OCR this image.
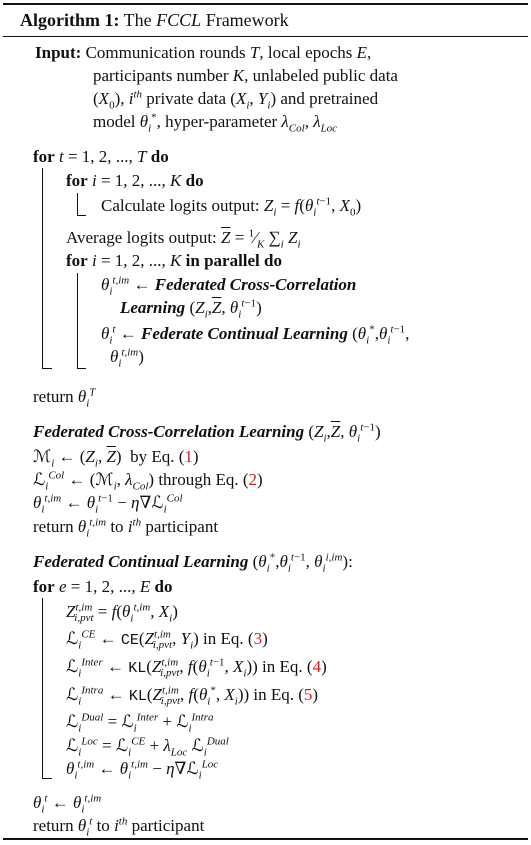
Algorithm 1: The FCCL Framework
Input: Communication rounds T, local epochs E,
participants number K, unlabeled public data
$(X_0)$, $i^{th}$ private data ($X_i$, $Y_i$) and pretrained
model $\theta_i^*$, hyper-parameter $\lambda_{Col}$, $\lambda_{Loc}$
for t = 1, 2, ..., T do
for i = 1, 2, ..., K do
Calculate logits output: $Z_i = f(\theta_i^{t-1}$, $X_0$)
Average logits output: $\overline{Z}$ = $^1⁄_K$ $\sum_i$ $Z_i$
for i = 1, 2, ..., K in parallel do
$\theta_i^{t,im}$ ← Federated Cross-Correlation
Learning ($Z_i,\overline{Z}$, $\theta_i^{t-1}$)
$\theta_i^t$ ← Federate Continual Learning ($\theta_i^*,\theta_i^{t-1}$,
$\theta_i^{t,im}$)
return $\theta_i^T$
Federated Cross-Correlation Learning ($Z_i,\overline{Z}$, $\theta_i^{t-1}$)
ℳ$_i$ ← ($Z_i$, $\overline{Z}$)  by Eq. (1)
ℒ$_i^{Col}$ ← (ℳ$_i$, $\lambda_{Col}$) through Eq. (2)
$\theta_i^{t,im}$ ← $\theta_i^{t-1}$ − η∇ℒ$_i^{Col}$
return $\theta_i^{t,im}$ to $i^{th}$ participant
Federated Continual Learning ($\theta_i^*,\theta_i^{t-1}$, $\theta_i^{i,im}$):
for e = 1, 2, ..., E do
$Z^{t,im}_{i,pvt} = f(\theta_i^{t,im}$, $X_i$)
ℒ$_i^{CE}$ ← $CE(Z^{t,im}_{i,pvt}$, $Y_i$) in Eq. (3)
ℒ$_i^{Inter}$ ← $KL(Z^{t,im}_{i,pvt}$, $f(\theta_i^{t-1}$, $X_i$)) in Eq. (4)
ℒ$_i^{Intra}$ ← $KL(Z^{t,im}_{i,pvt}$, $f(\theta_i^*$, $X_i$)) in Eq. (5)
ℒ$_i^{Dual}$ = ℒ$_i^{Inter}$ + ℒ$_i^{Intra}$
ℒ$_i^{Loc}$ = ℒ$_i^{CE}$ + $\lambda_{Loc}$ ℒ$_i^{Dual}$
$\theta_i^{t,im}$ ← $\theta_i^{t,im}$ − η∇ℒ$_i^{Loc}$
$\theta_i^t$ ← $\theta_i^{t,im}$
return $\theta_i^t$ to $i^{th}$ participant
